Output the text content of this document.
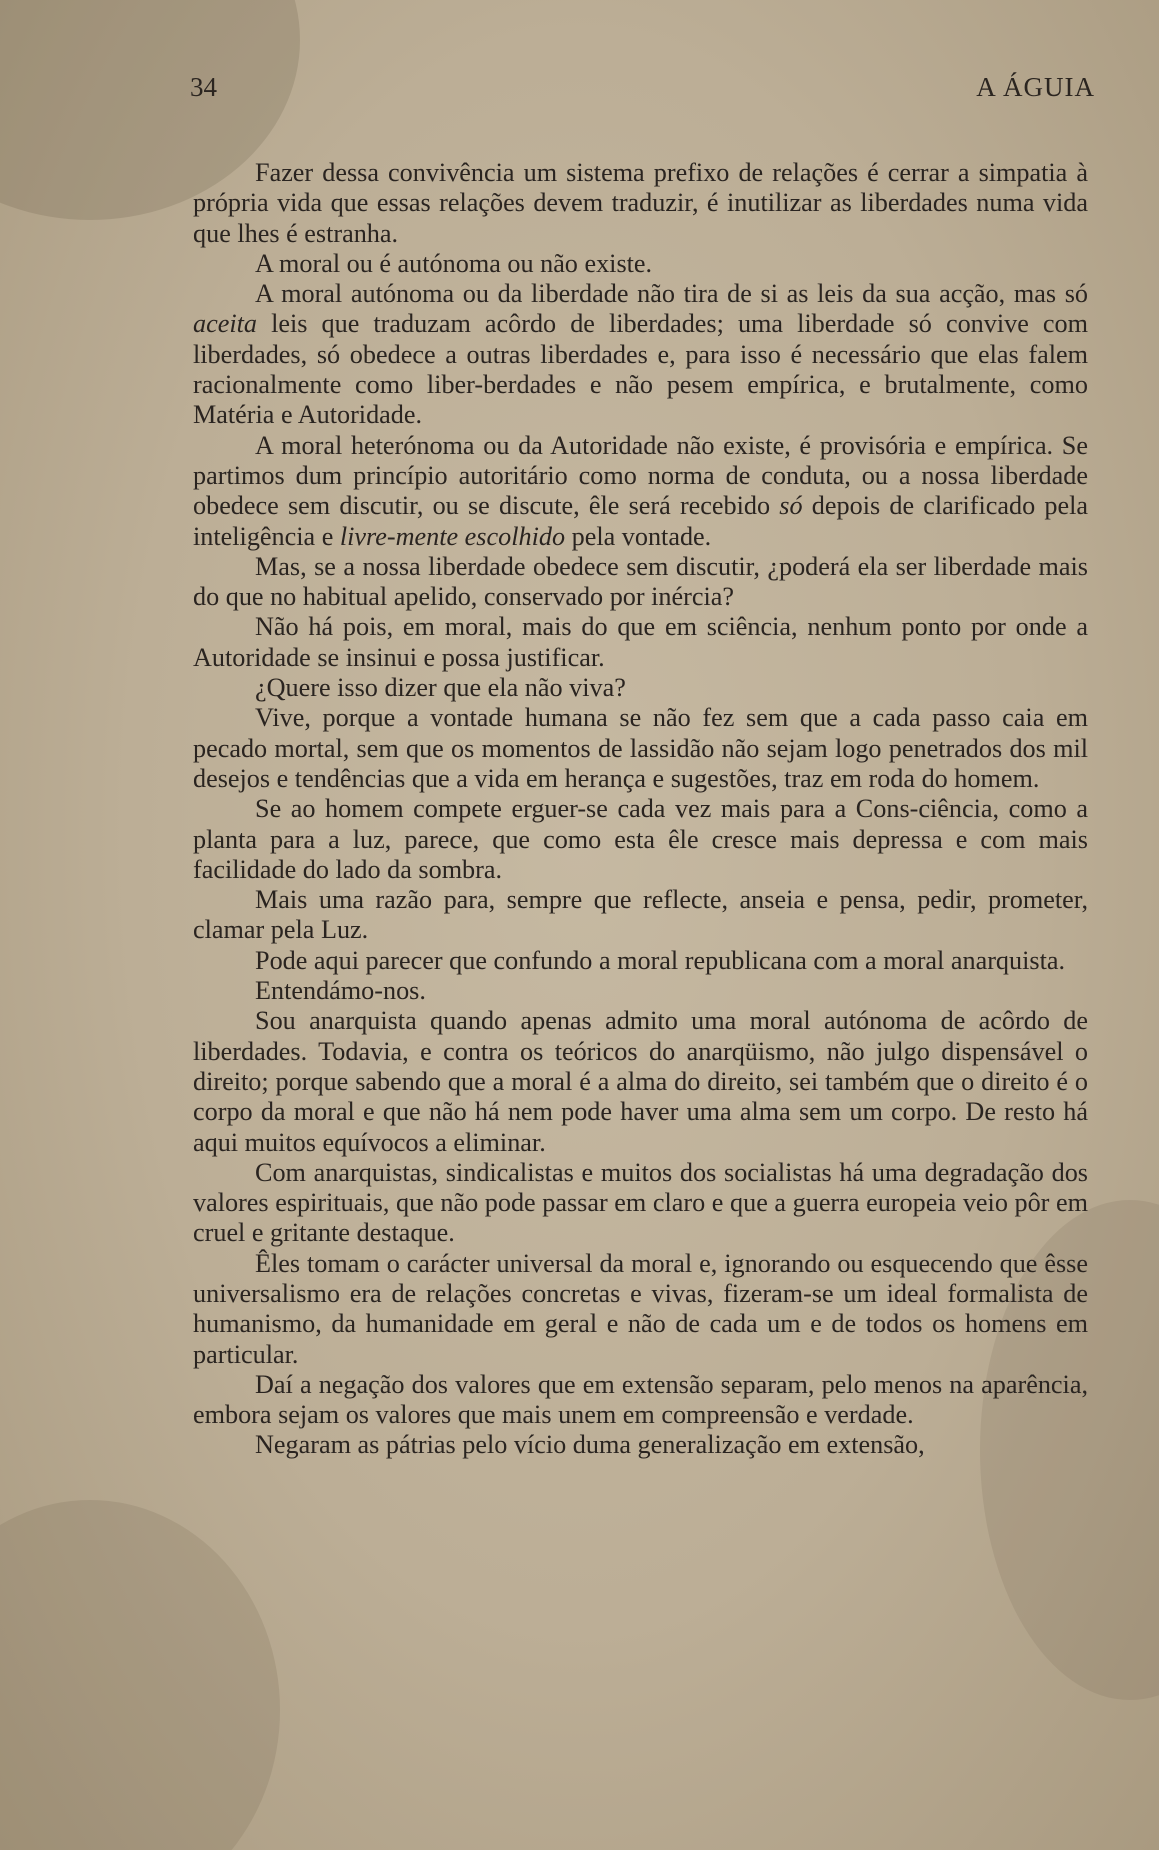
34	A ÁGUIA

Fazer dessa convivência um sistema prefixo de relações é cerrar a simpatia à própria vida que essas relações devem traduzir, é inutilizar as liberdades numa vida que lhes é estranha.

A moral ou é autónoma ou não existe.

A moral autónoma ou da liberdade não tira de si as leis da sua acção, mas só aceita leis que traduzam acôrdo de liberdades; uma liberdade só convive com liberdades, só obedece a outras liberdades e, para isso é necessário que elas falem racionalmente como liber-berdades e não pesem empírica, e brutalmente, como Matéria e Autoridade.

A moral heterónoma ou da Autoridade não existe, é provisória e empírica. Se partimos dum princípio autoritário como norma de conduta, ou a nossa liberdade obedece sem discutir, ou se discute, êle será recebido só depois de clarificado pela inteligência e livre-mente escolhido pela vontade.

Mas, se a nossa liberdade obedece sem discutir, ¿poderá ela ser liberdade mais do que no habitual apelido, conservado por inércia?

Não há pois, em moral, mais do que em sciência, nenhum ponto por onde a Autoridade se insinui e possa justificar.

¿Quere isso dizer que ela não viva?

Vive, porque a vontade humana se não fez sem que a cada passo caia em pecado mortal, sem que os momentos de lassidão não sejam logo penetrados dos mil desejos e tendências que a vida em herança e sugestões, traz em roda do homem.

Se ao homem compete erguer-se cada vez mais para a Cons-ciência, como a planta para a luz, parece, que como esta êle cresce mais depressa e com mais facilidade do lado da sombra.

Mais uma razão para, sempre que reflecte, anseia e pensa, pedir, prometer, clamar pela Luz.

Pode aqui parecer que confundo a moral republicana com a moral anarquista.

Entendámo-nos.

Sou anarquista quando apenas admito uma moral autónoma de acôrdo de liberdades. Todavia, e contra os teóricos do anarqüismo, não julgo dispensável o direito; porque sabendo que a moral é a alma do direito, sei também que o direito é o corpo da moral e que não há nem pode haver uma alma sem um corpo. De resto há aqui muitos equívocos a eliminar.

Com anarquistas, sindicalistas e muitos dos socialistas há uma degradação dos valores espirituais, que não pode passar em claro e que a guerra europeia veio pôr em cruel e gritante destaque.

Êles tomam o carácter universal da moral e, ignorando ou esquecendo que êsse universalismo era de relações concretas e vivas, fizeram-se um ideal formalista de humanismo, da humanidade em geral e não de cada um e de todos os homens em particular.

Daí a negação dos valores que em extensão separam, pelo menos na aparência, embora sejam os valores que mais unem em compreensão e verdade.

Negaram as pátrias pelo vício duma generalização em extensão,
